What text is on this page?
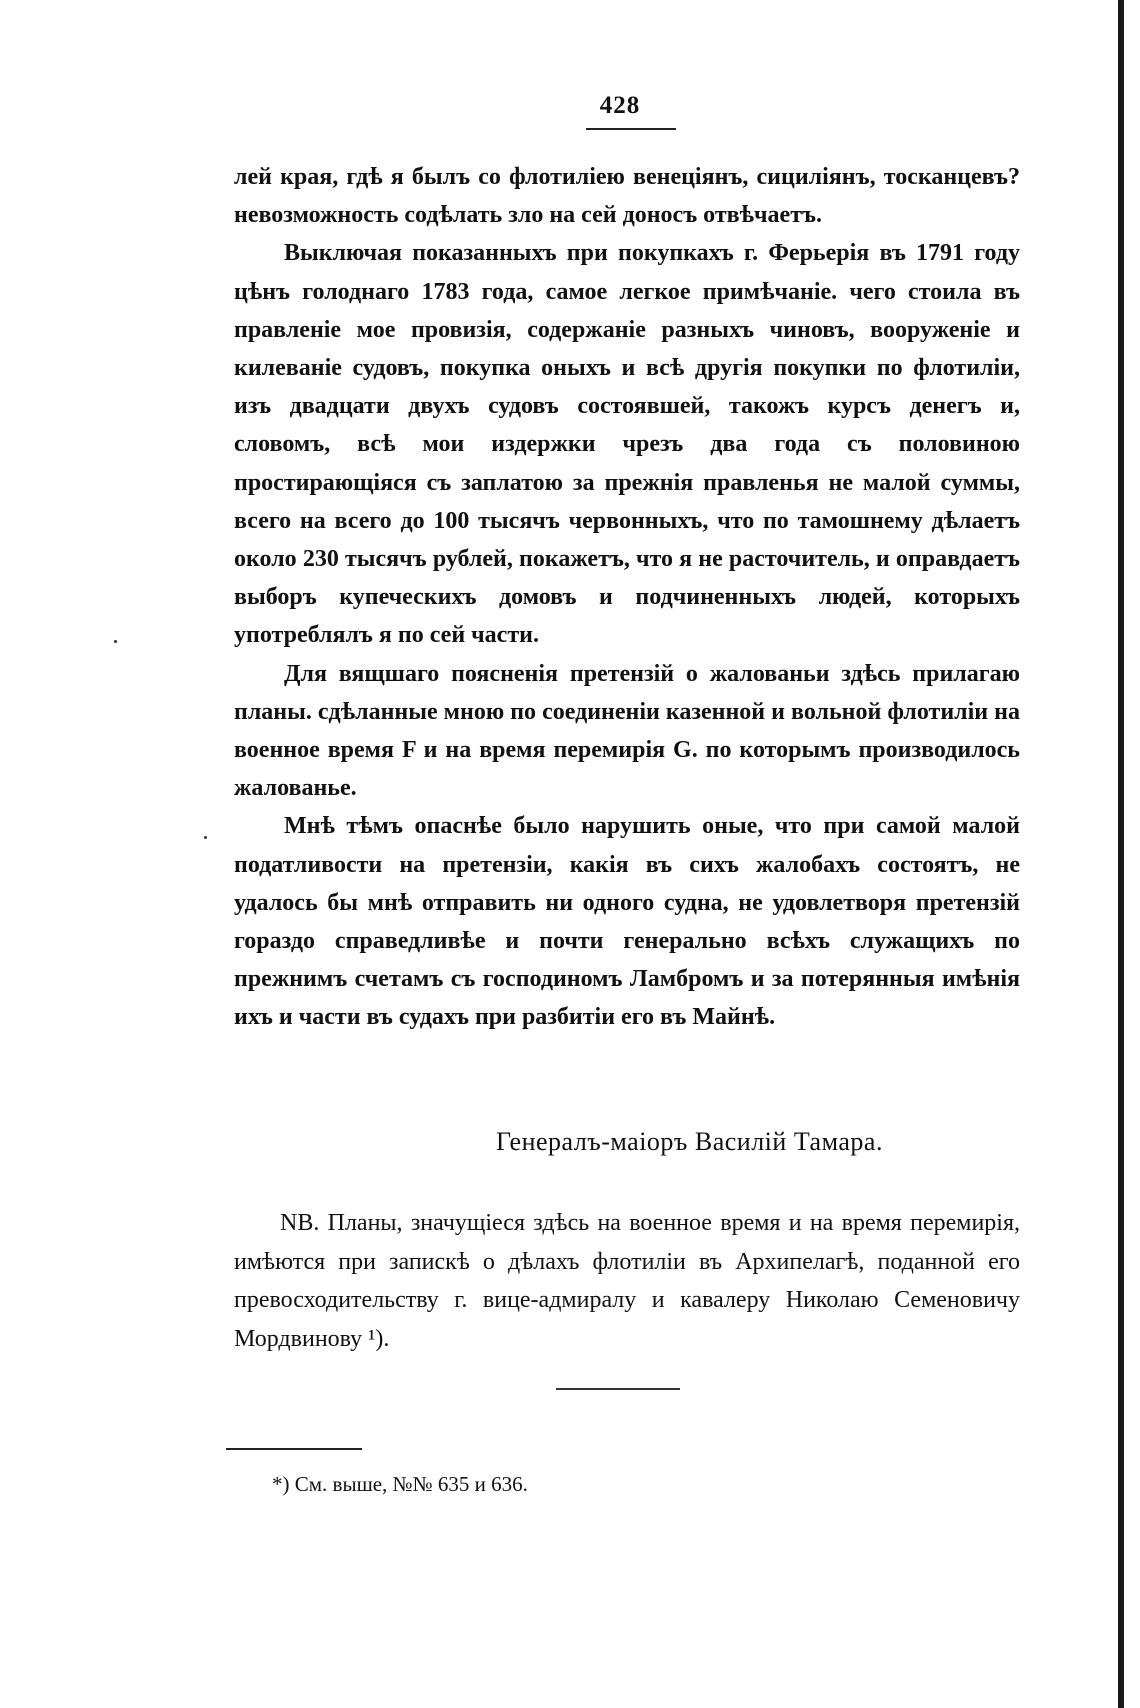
428

лей края, гдѣ я былъ со флотиліею венеціянъ, сициліянъ, тосканцевъ? невозможность содѣлать зло на сей доносъ отвѣчаетъ.

Выключая показанныхъ при покупкахъ г. Ферьерія въ 1791 году цѣнъ голоднаго 1783 года, самое легкое примѣчаніе. чего стоила въ правленіе мое провизія, содержаніе разныхъ чиновъ, вооруженіе и килеваніе судовъ, покупка оныхъ и всѣ другія покупки по флотиліи, изъ двадцати двухъ судовъ состоявшей, такожъ курсъ денегъ и, словомъ, всѣ мои издержки чрезъ два года съ половиною простирающіяся съ заплатою за прежнія правленья не малой суммы, всего на всего до 100 тысячъ червонныхъ, что по тамошнему дѣлаетъ около 230 тысячъ рублей, покажетъ, что я не расточитель, и оправдаетъ выборъ купеческихъ домовъ и подчиненныхъ людей, которыхъ употреблялъ я по сей части.

Для вящшаго поясненія претензій о жалованьи здѣсь прилагаю планы. сдѣланные мною по соединеніи казенной и вольной флотиліи на военное время F и на время перемирія G. по которымъ производилось жалованье.

Мнѣ тѣмъ опаснѣе было нарушить оные, что при самой малой податливости на претензіи, какія въ сихъ жалобахъ состоятъ, не удалось бы мнѣ отправить ни одного судна, не удовлетворя претензій гораздо справедливѣе и почти генерально всѣхъ служащихъ по прежнимъ счетамъ съ господиномъ Ламбромъ и за потерянныя имѣнія ихъ и части въ судахъ при разбитіи его въ Майнѣ.

Генералъ-маіоръ Василій Тамара.

NB. Планы, значущіеся здѣсь на военное время и на время перемирія, имѣются при запискѣ о дѣлахъ флотиліи въ Архипелагѣ, поданной его превосходительству г. вице-адмиралу и кавалеру Николаю Семеновичу Мордвинову ¹).

*) См. выше, №№ 635 и 636.
